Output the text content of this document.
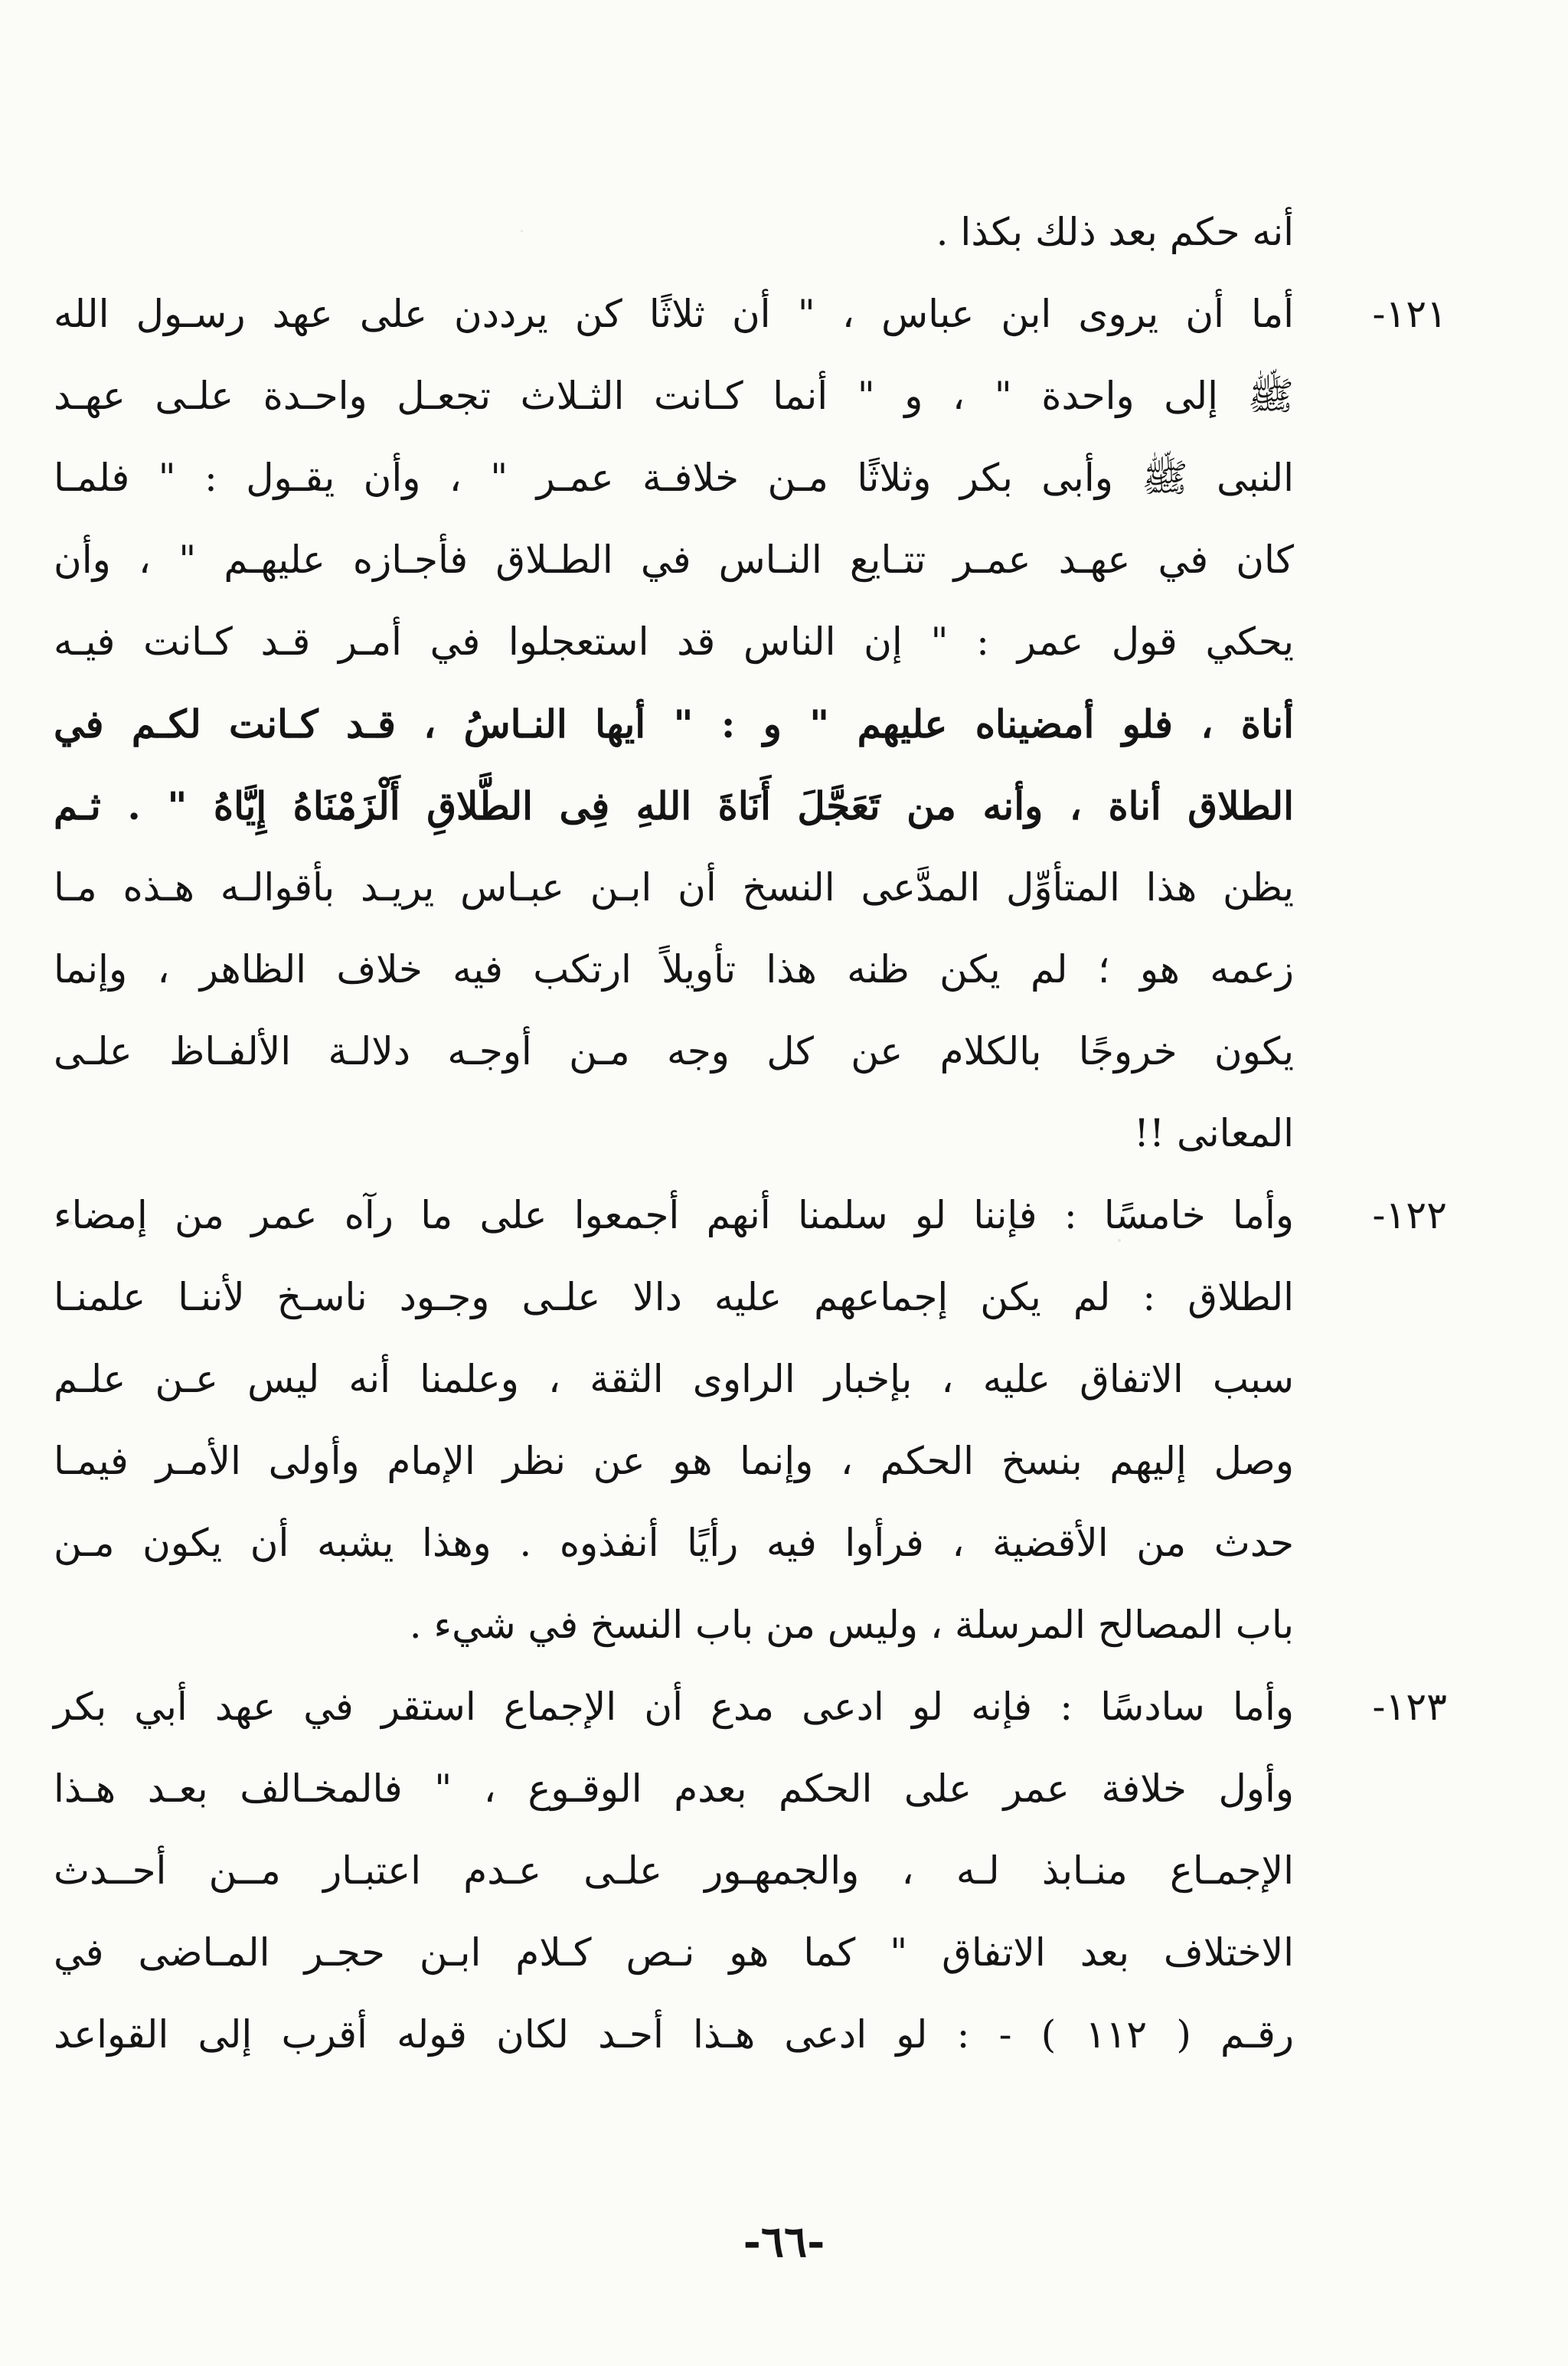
أنه حكم بعد ذلك بكذا .
أما أن يروى ابن عباس ، " أن ثلاثًا كن يرددن على عهد رسـول الله	١٢١-
ﷺ إلى واحدة " ، و " أنما كـانت الثـلاث تجعـل واحـدة علـى عهـد
النبى ﷺ وأبى بكر وثلاثًا مـن خلافـة عمـر " ، وأن يقـول : " فلمـا
كان في عهـد عمـر تتـايع النـاس في الطـلاق فأجـازه عليهـم " ، وأن
يحكي قول عمر : " إن الناس قد استعجلوا في أمـر قـد كـانت فيـه
أناة ، فلو أمضيناه عليهم " و : " أيها النـاسُ ، قـد كـانت لكـم في
الطلاق أناة ، وأنه من تَعَجَّلَ أَنَاةَ اللهِ فِى الطَّلاقِ أَلْزَمْنَاهُ إِيَّاهُ " . ثـم
يظن هذا المتأوِّل المدَّعى النسخ أن ابـن عبـاس يريـد بأقوالـه هـذه مـا
زعمه هو ؛ لم يكن ظنه هذا تأويلاً ارتكب فيه خلاف الظاهر ، وإنما
يكون خروجًا بالكلام عن كل وجه مـن أوجـه دلالـة الألفـاظ علـى
المعانى !!
وأما خامسًا : فإننا لو سلمنا أنهم أجمعوا على ما رآه عمر من إمضاء	١٢٢-
الطلاق : لم يكن إجماعهم عليه دالا علـى وجـود ناسـخ لأننـا علمنـا
سبب الاتفاق عليه ، بإخبار الراوى الثقة ، وعلمنا أنه ليس عـن علـم
وصل إليهم بنسخ الحكم ، وإنما هو عن نظر الإمام وأولى الأمـر فيمـا
حدث من الأقضية ، فرأوا فيه رأيًا أنفذوه . وهذا يشبه أن يكون مـن
باب المصالح المرسلة ، وليس من باب النسخ في شيء .
وأما سادسًا : فإنه لو ادعى مدع أن الإجماع استقر في عهد أبي بكر	١٢٣-
وأول خلافة عمر على الحكم بعدم الوقـوع ، " فالمخـالف بعـد هـذا
الإجمـاع منـابذ لـه ، والجمهـور علـى عـدم اعتبـار مــن أحــدث
الاختلاف بعد الاتفاق " كما هو نـص كـلام ابـن حجـر المـاضى في
رقـم ( ١١٢ ) - : لو ادعى هـذا أحـد لكان قوله أقرب إلى القواعد
-٦٦-
